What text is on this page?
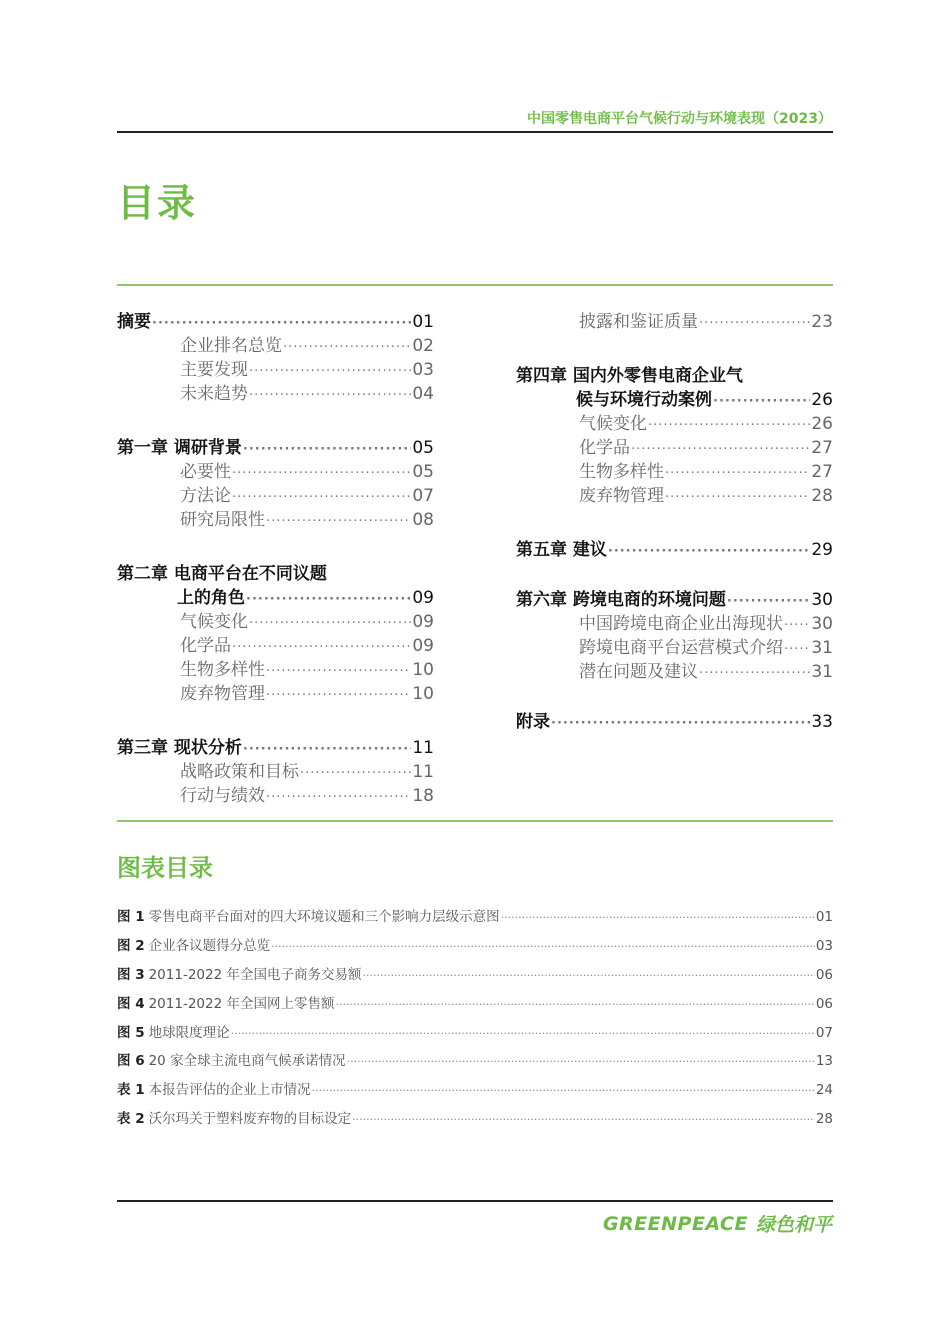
中国零售电商平台气候行动与环境表现（2023）
目录
摘要 ·····	01
企业排名总览 ·····	02
主要发现 ·····	03
未来趋势 ·····	04
第一章 调研背景 ·····	05
必要性 ·····	05
方法论 ·····	07
研究局限性 ·····	08
第二章 电商平台在不同议题
上的角色 ·····	09
气候变化 ·····	09
化学品 ·····	09
生物多样性 ·····	10
废弃物管理 ·····	10
第三章 现状分析 ·····	11
战略政策和目标 ·····	11
行动与绩效 ·····	18
披露和鉴证质量 ·····	23
第四章 国内外零售电商企业气
候与环境行动案例 ·····	26
气候变化 ·····	26
化学品 ·····	27
生物多样性 ·····	27
废弃物管理 ·····	28
第五章 建议 ·····	29
第六章 跨境电商的环境问题 ·····	30
中国跨境电商企业出海现状 ····· 30
跨境电商平台运营模式介绍 ····· 31
潜在问题及建议 ·····	31
附录 ·····	33
图表目录
图 1 零售电商平台面对的四大环境议题和三个影响力层级示意图 ·····	01
图 2 企业各议题得分总览 ·····	03
图 3 2011-2022 年全国电子商务交易额 ·····	06
图 4 2011-2022 年全国网上零售额 ·····	06
图 5 地球限度理论 ·····	07
图 6 20 家全球主流电商气候承诺情况 ·····	13
表 1 本报告评估的企业上市情况 ·····	24
表 2 沃尔玛关于塑料废弃物的目标设定 ·····	28
GREENPEACE 绿色和平
